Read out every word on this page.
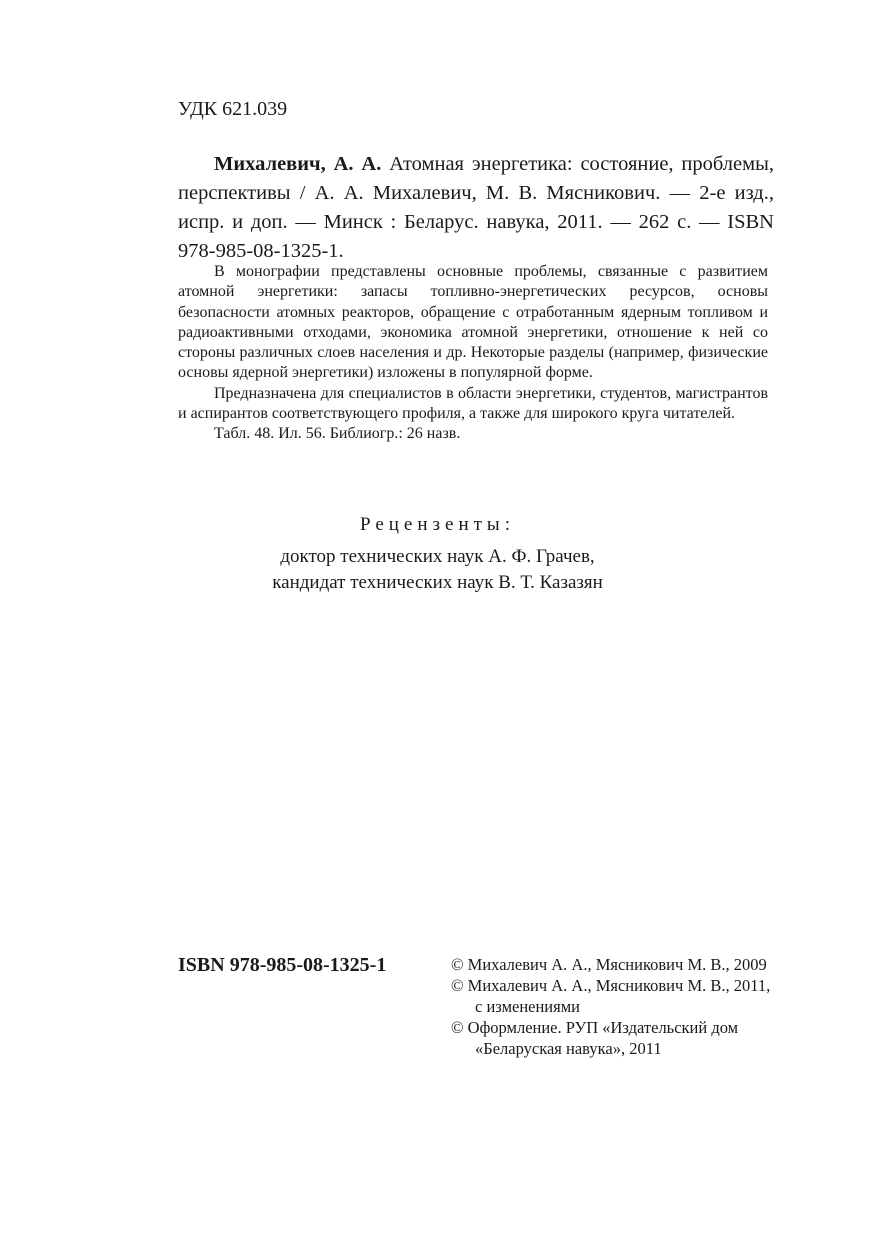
УДК 621.039
Михалевич, А. А. Атомная энергетика: состояние, проблемы, перспективы / А. А. Михалевич, М. В. Мясникович. — 2-е изд., испр. и доп. — Минск : Беларус. навука, 2011. — 262 с. — ISBN 978-985-08-1325-1.

В монографии представлены основные проблемы, связанные с развитием атомной энергетики: запасы топливно-энергетических ресурсов, основы безопасности атомных реакторов, обращение с отработанным ядерным топливом и радиоактивными отходами, экономика атомной энергетики, отношение к ней со стороны различных слоев населения и др. Некоторые разделы (например, физические основы ядерной энергетики) изложены в популярной форме.

Предназначена для специалистов в области энергетики, студентов, магистрантов и аспирантов соответствующего профиля, а также для широкого круга читателей.

Табл. 48. Ил. 56. Библиогр.: 26 назв.

Рецензенты:
доктор технических наук А. Ф. Грачев,
кандидат технических наук В. Т. Казазян
ISBN 978-985-08-1325-1	© Михалевич А. А., Мясникович М. В., 2009
© Михалевич А. А., Мясникович М. В., 2011, с изменениями
© Оформление. РУП «Издательский дом «Беларуская навука», 2011
